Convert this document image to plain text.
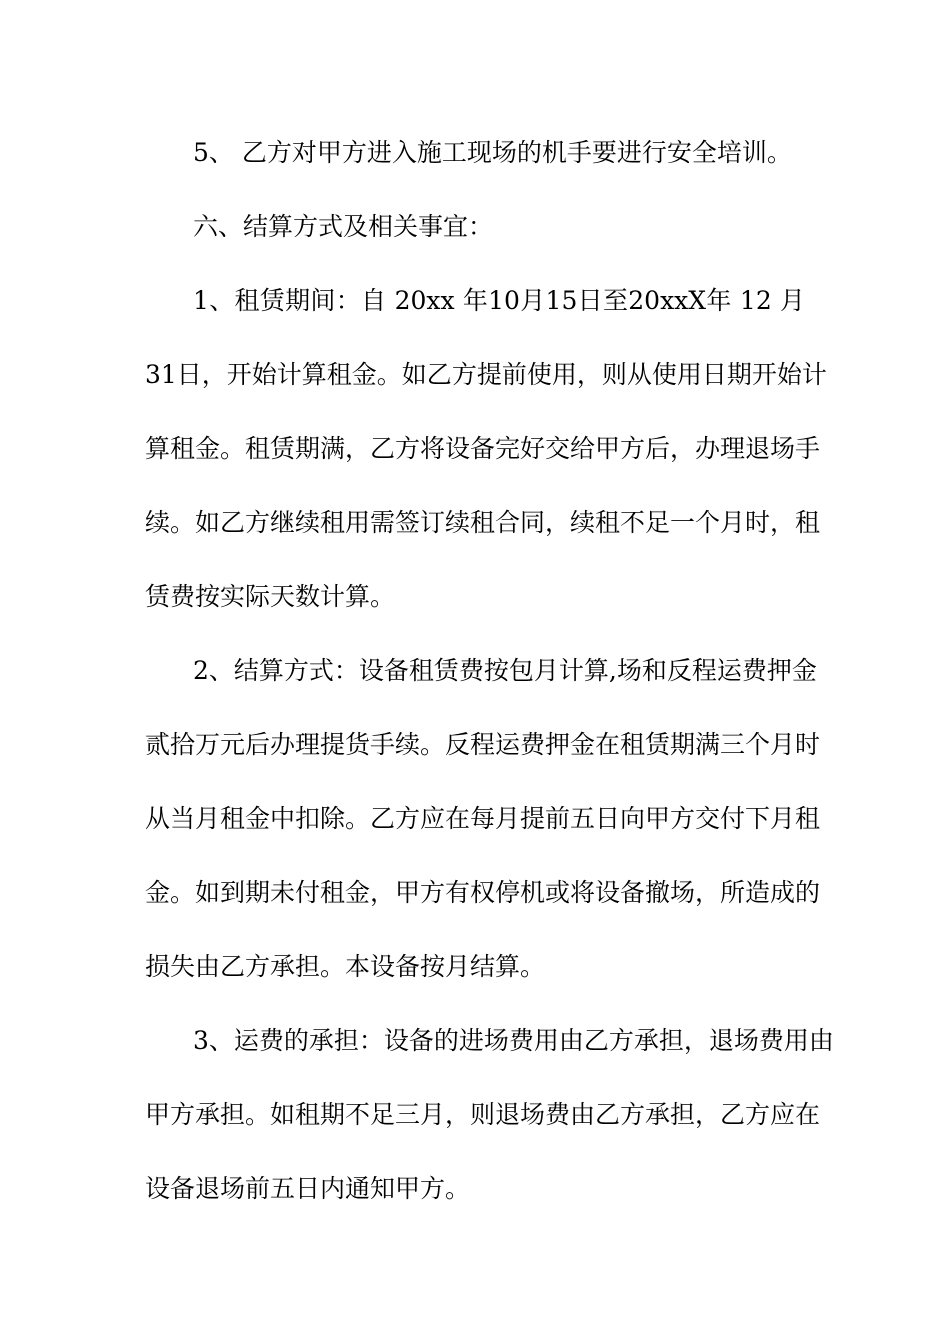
5、 乙方对甲方进入施工现场的机手要进行安全培训。
六、结算方式及相关事宜：
1、租赁期间：自 20xx 年10月15日至20xxX年 12 月
31日，开始计算租金。如乙方提前使用，则从使用日期开始计
算租金。租赁期满，乙方将设备完好交给甲方后，办理退场手
续。如乙方继续租用需签订续租合同，续租不足一个月时，租
赁费按实际天数计算。
2、结算方式：设备租赁费按包月计算,场和反程运费押金
贰拾万元后办理提货手续。反程运费押金在租赁期满三个月时
从当月租金中扣除。乙方应在每月提前五日向甲方交付下月租
金。如到期未付租金，甲方有权停机或将设备撤场，所造成的
损失由乙方承担。本设备按月结算。
3、运费的承担：设备的进场费用由乙方承担，退场费用由
甲方承担。如租期不足三月，则退场费由乙方承担，乙方应在
设备退场前五日内通知甲方。
